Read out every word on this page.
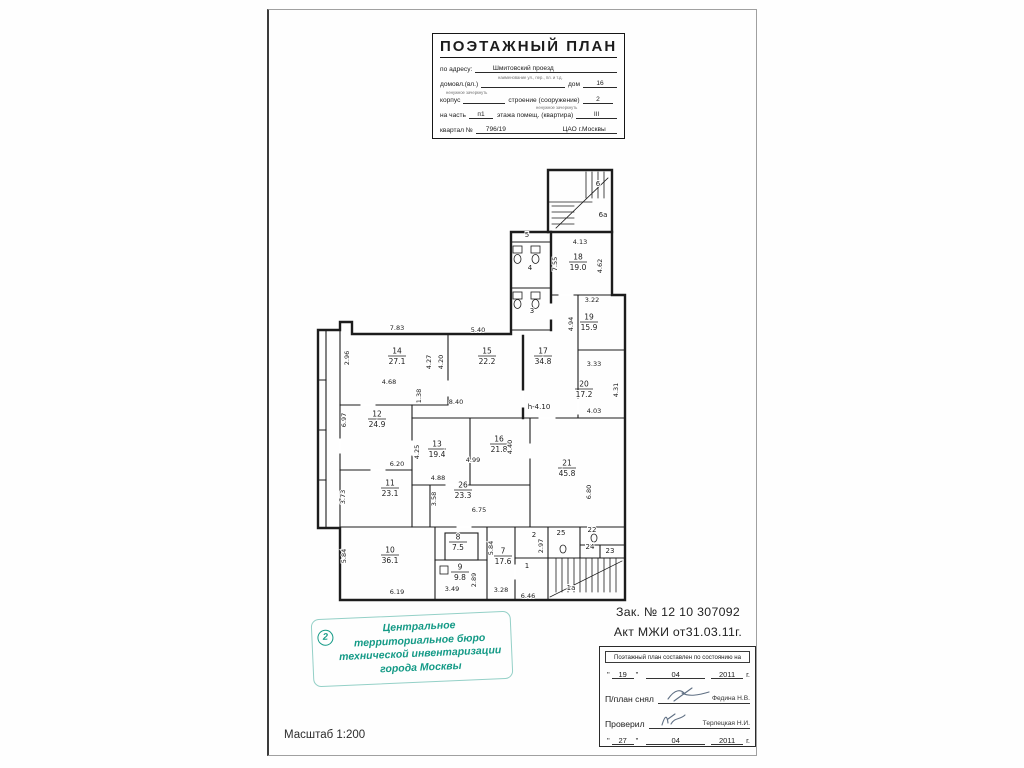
ПОЭТАЖНЫЙ ПЛАН
по адресу:	Шмитовский проезд
наименование ул., пер., пл. и т.д.
домовл.(вл.)	дом	16
ненужное зачеркнуть
корпус	строение (сооружение)	2
ненужное зачеркнуть
на часть	п1	этажа помещ. (квартира)	III
квартал №	796/19	ЦАО г.Москвы
14
27.1
15
22.2
17
34.8
18
19.0
19
15.9
20
17.2
12
24.9
13
19.4
16
21.8
21
45.8
11
23.1
26
23.3
10
36.1
8
7.5
9
9.8
7
17.6
5
4
3
6
6а
2	25	22
24 23
1
1а
7.83
2.96
4.68
4.27 4.20
5.40
1.38	8.40
6.97
4.25
4.88
4.99
4.40
6.20
3.73	3.58
6.75
6.80
4.03
4.13
7.55	4.62
3.22
4.94
3.33
4.31
5.84
6.19	3.49
2.89
5.84
3.28
2.97
6.46
h-4.10
2
Центральное
территориальное бюро
технической инвентаризации
города Москвы
Зак. № 12 10 307092
Акт МЖИ от31.03.11г.
Поэтажный план составлен по состоянию на
"	19	"	04	2011	г.
П/план снял	Федина Н.В.
Проверил	Терлецкая Н.И.
"	27	"	04	2011	г.
Масштаб 1:200
